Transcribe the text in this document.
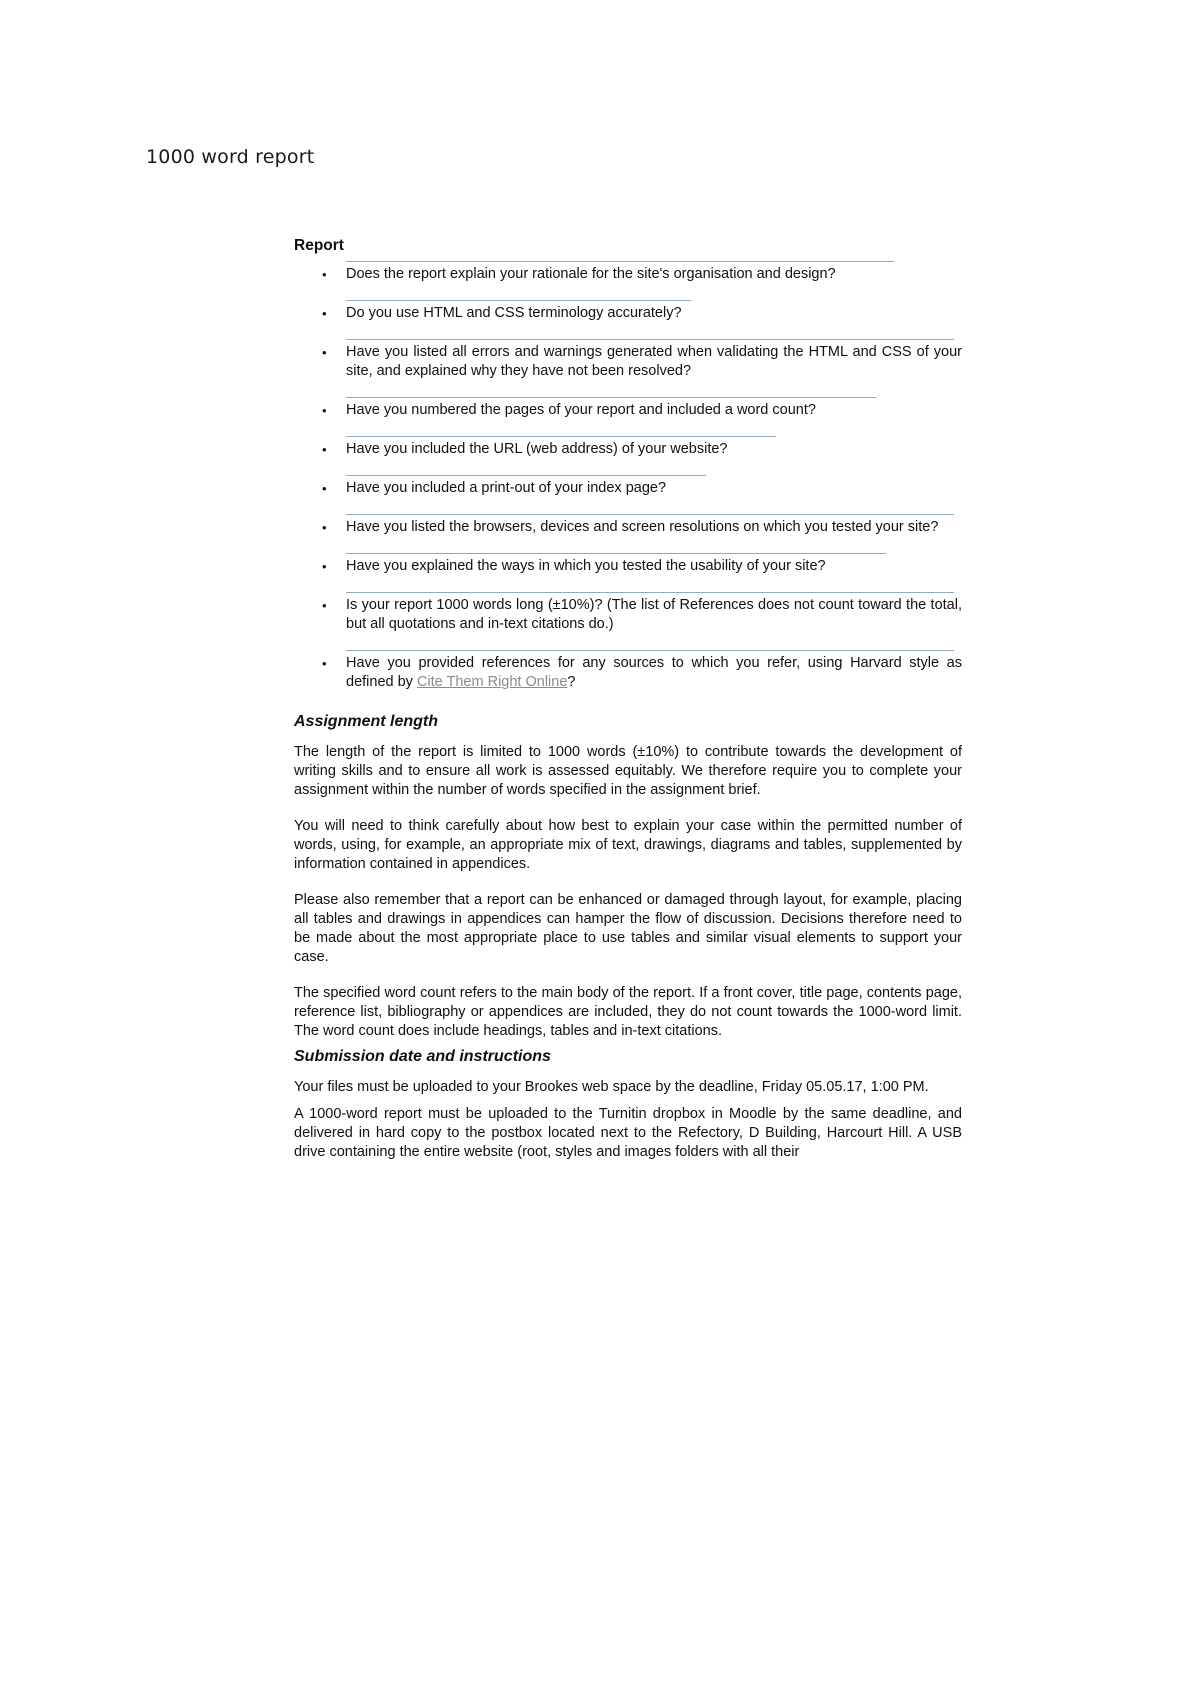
1000 word report
Report
• Does the report explain your rationale for the site's organisation and design?
• Do you use HTML and CSS terminology accurately?
• Have you listed all errors and warnings generated when validating the HTML and CSS of your site, and explained why they have not been resolved?
• Have you numbered the pages of your report and included a word count?
• Have you included the URL (web address) of your website?
• Have you included a print-out of your index page?
• Have you listed the browsers, devices and screen resolutions on which you tested your site?
• Have you explained the ways in which you tested the usability of your site?
• Is your report 1000 words long (±10%)? (The list of References does not count toward the total, but all quotations and in-text citations do.)
• Have you provided references for any sources to which you refer, using Harvard style as defined by Cite Them Right Online?
Assignment length

The length of the report is limited to 1000 words (±10%) to contribute towards the development of writing skills and to ensure all work is assessed equitably. We therefore require you to complete your assignment within the number of words specified in the assignment brief.

You will need to think carefully about how best to explain your case within the permitted number of words, using, for example, an appropriate mix of text, drawings, diagrams and tables, supplemented by information contained in appendices.

Please also remember that a report can be enhanced or damaged through layout, for example, placing all tables and drawings in appendices can hamper the flow of discussion. Decisions therefore need to be made about the most appropriate place to use tables and similar visual elements to support your case.

The specified word count refers to the main body of the report. If a front cover, title page, contents page, reference list, bibliography or appendices are included, they do not count towards the 1000-word limit. The word count does include headings, tables and in-text citations.

Submission date and instructions

Your files must be uploaded to your Brookes web space by the deadline, Friday 05.05.17, 1:00 PM.

A 1000-word report must be uploaded to the Turnitin dropbox in Moodle by the same deadline, and delivered in hard copy to the postbox located next to the Refectory, D Building, Harcourt Hill. A USB drive containing the entire website (root, styles and images folders with all their
